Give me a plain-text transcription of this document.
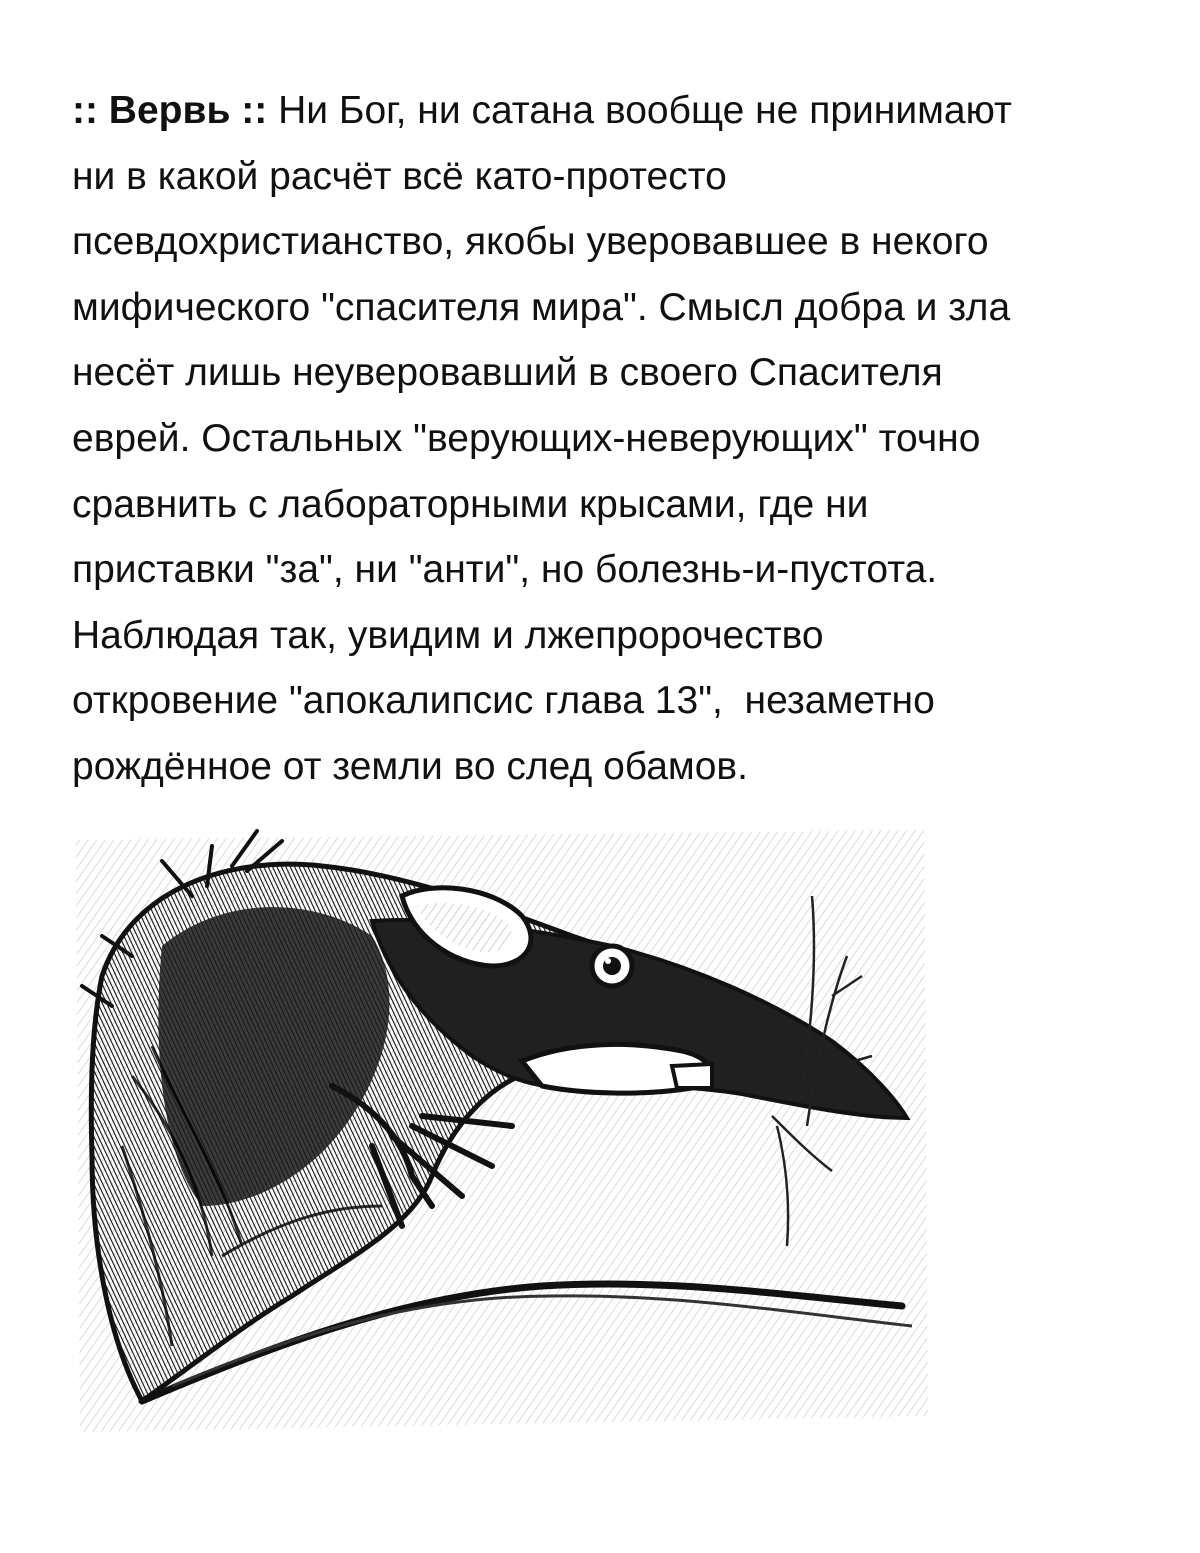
:: Вервь :: Ни Бог, ни сатана вообще не принимают
ни в какой расчёт всё като-протесто
псевдохристианство, якобы уверовавшее в некого
мифического "спасителя мира". Смысл добра и зла
несёт лишь неуверовавший в своего Спасителя
еврей. Остальных "верующих-неверующих" точно
сравнить с лабораторными крысами, где ни
приставки "за", ни "анти", но болезнь-и-пустота.
Наблюдая так, увидим и лжепророчество
откровение "апокалипсис глава 13",  незаметно
рождённое от земли во след обамов.
